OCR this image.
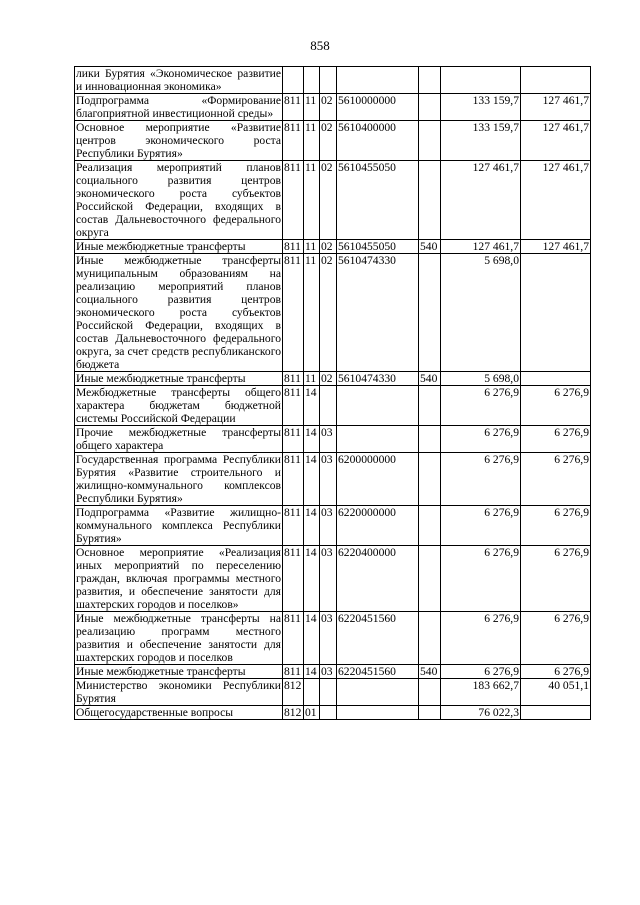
858
лики Бурятия «Экономическое развитие и инновационная экономика»							
Подпрограмма «Формирование благоприятной инвестиционной среды»	811	11	02	5610000000		133 159,7	127 461,7
Основное мероприятие «Развитие центров экономического роста Республики Бурятия»	811	11	02	5610400000		133 159,7	127 461,7
Реализация мероприятий планов социального развития центров экономического роста субъектов Российской Федерации, входящих в состав Дальневосточного федерального округа	811	11	02	5610455050		127 461,7	127 461,7
Иные межбюджетные трансферты	811	11	02	5610455050	540	127 461,7	127 461,7
Иные межбюджетные трансферты муниципальным образованиям на реализацию мероприятий планов социального развития центров экономического роста субъектов Российской Федерации, входящих в состав Дальневосточного федерального округа, за счет средств республиканского бюджета	811	11	02	5610474330		5 698,0	
Иные межбюджетные трансферты	811	11	02	5610474330	540	5 698,0	
Межбюджетные трансферты общего характера бюджетам бюджетной системы Российской Федерации	811	14				6 276,9	6 276,9
Прочие межбюджетные трансферты общего характера	811	14	03			6 276,9	6 276,9
Государственная программа Республики Бурятия «Развитие строительного и жилищно-коммунального комплексов Республики Бурятия»	811	14	03	6200000000		6 276,9	6 276,9
Подпрограмма «Развитие жилищно-коммунального комплекса Республики Бурятия»	811	14	03	6220000000		6 276,9	6 276,9
Основное мероприятие «Реализация иных мероприятий по переселению граждан, включая программы местного развития, и обеспечение занятости для шахтерских городов и поселков»	811	14	03	6220400000		6 276,9	6 276,9
Иные межбюджетные трансферты на реализацию программ местного развития и обеспечение занятости для шахтерских городов и поселков	811	14	03	6220451560		6 276,9	6 276,9
Иные межбюджетные трансферты	811	14	03	6220451560	540	6 276,9	6 276,9
Министерство экономики Республики Бурятия	812					183 662,7	40 051,1
Общегосударственные вопросы	812	01				76 022,3	
